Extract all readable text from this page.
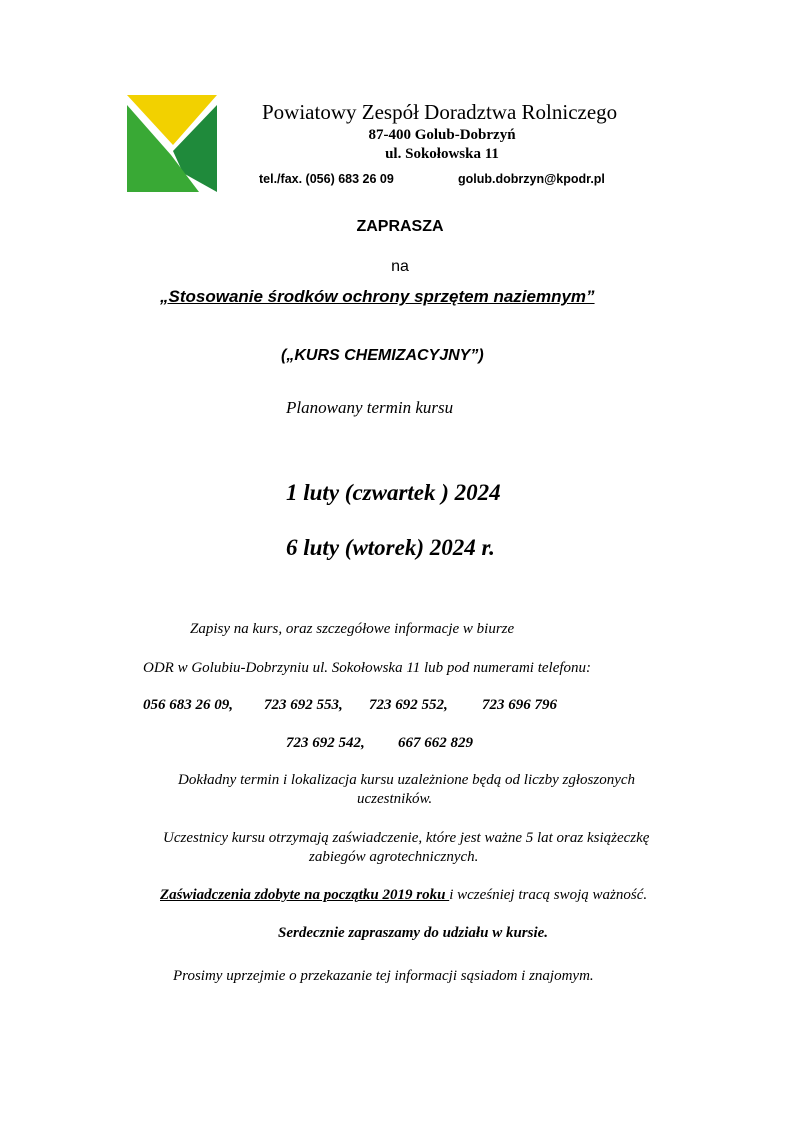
Powiatowy Zespół Doradztwa Rolniczego
87-400 Golub-Dobrzyń
ul. Sokołowska 11
tel./fax. (056) 683 26 09	golub.dobrzyn@kpodr.pl
ZAPRASZA
na
„Stosowanie środków ochrony sprzętem naziemnym”
(„KURS CHEMIZACYJNY”)
Planowany termin kursu
1 luty (czwartek ) 2024
6 luty (wtorek) 2024 r.
Zapisy na kurs, oraz szczegółowe informacje w biurze
ODR w Golubiu-Dobrzyniu ul. Sokołowska 11 lub pod numerami telefonu:
056 683 26 09, 723 692 553, 723 692 552, 723 696 796
723 692 542, 667 662 829
Dokładny termin i lokalizacja kursu uzależnione będą od liczby zgłoszonych
uczestników.
Uczestnicy kursu otrzymają zaświadczenie, które jest ważne 5 lat oraz książeczkę
zabiegów agrotechnicznych.
Zaświadczenia zdobyte na początku 2019 roku i wcześniej tracą swoją ważność.
Serdecznie zapraszamy do udziału w kursie.
Prosimy uprzejmie o przekazanie tej informacji sąsiadom i znajomym.
